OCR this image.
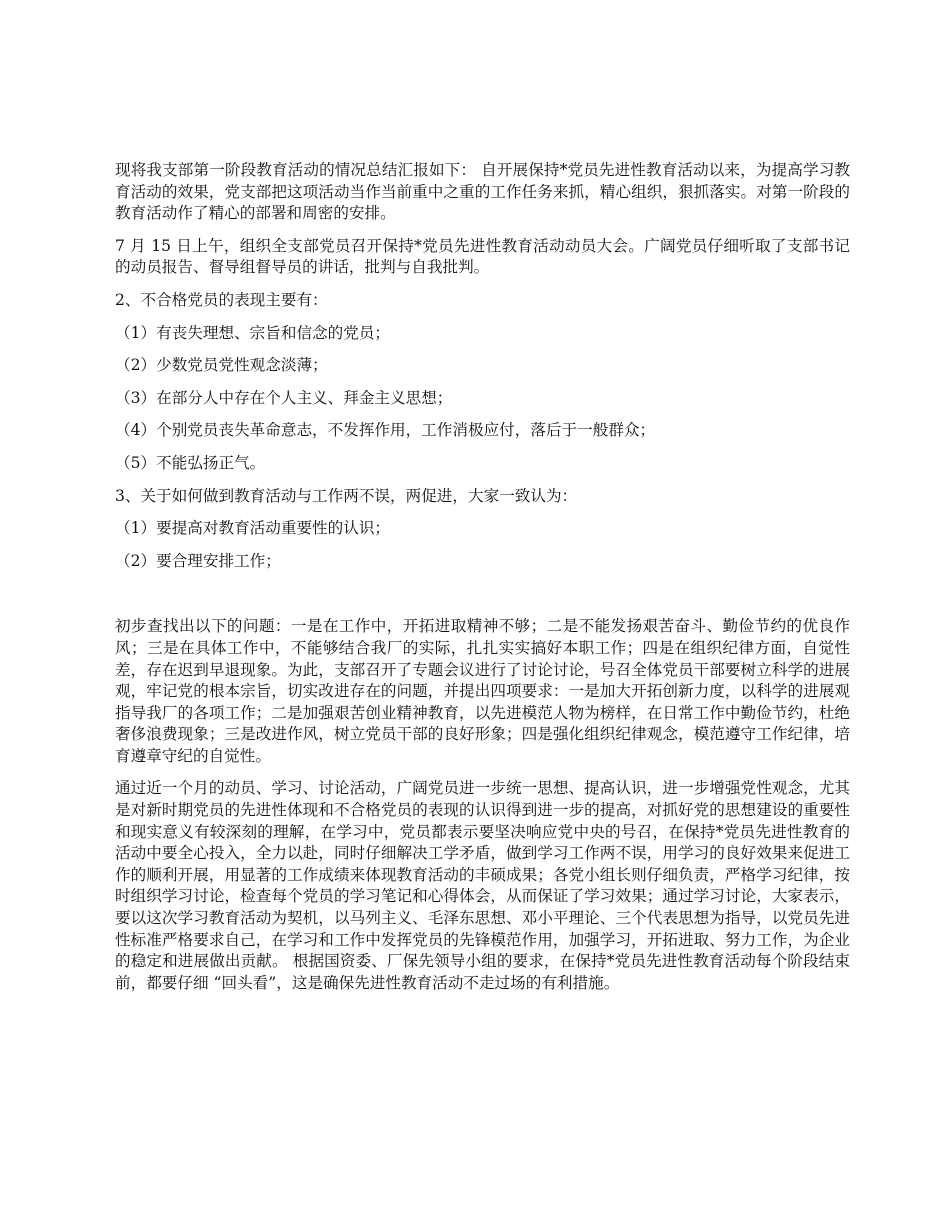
现将我支部第一阶段教育活动的情况总结汇报如下： 自开展保持*党员先进性教育活动以来，为提高学习教育活动的效果，党支部把这项活动当作当前重中之重的工作任务来抓，精心组织，狠抓落实。对第一阶段的教育活动作了精心的部署和周密的安排。

7 月 15 日上午，组织全支部党员召开保持*党员先进性教育活动动员大会。广阔党员仔细听取了支部书记的动员报告、督导组督导员的讲话，批判与自我批判。

2、不合格党员的表现主要有：

（1）有丧失理想、宗旨和信念的党员；

（2）少数党员党性观念淡薄；

（3）在部分人中存在个人主义、拜金主义思想；

（4）个别党员丧失革命意志，不发挥作用，工作消极应付，落后于一般群众；

（5）不能弘扬正气。

3、关于如何做到教育活动与工作两不误，两促进，大家一致认为：

（1）要提高对教育活动重要性的认识；

（2）要合理安排工作；

初步查找出以下的问题：一是在工作中，开拓进取精神不够；二是不能发扬艰苦奋斗、勤俭节约的优良作风；三是在具体工作中，不能够结合我厂的实际，扎扎实实搞好本职工作；四是在组织纪律方面，自觉性差，存在迟到早退现象。为此，支部召开了专题会议进行了讨论讨论，号召全体党员干部要树立科学的进展观，牢记党的根本宗旨，切实改进存在的问题，并提出四项要求：一是加大开拓创新力度，以科学的进展观指导我厂的各项工作；二是加强艰苦创业精神教育，以先进模范人物为榜样，在日常工作中勤俭节约，杜绝奢侈浪费现象；三是改进作风，树立党员干部的良好形象；四是强化组织纪律观念，模范遵守工作纪律，培育遵章守纪的自觉性。

通过近一个月的动员、学习、讨论活动，广阔党员进一步统一思想、提高认识，进一步增强党性观念，尤其是对新时期党员的先进性体现和不合格党员的表现的认识得到进一步的提高，对抓好党的思想建设的重要性和现实意义有较深刻的理解，在学习中，党员都表示要坚决响应党中央的号召，在保持*党员先进性教育的活动中要全心投入，全力以赴，同时仔细解决工学矛盾，做到学习工作两不误，用学习的良好效果来促进工作的顺利开展，用显著的工作成绩来体现教育活动的丰硕成果；各党小组长则仔细负责，严格学习纪律，按时组织学习讨论，检查每个党员的学习笔记和心得体会，从而保证了学习效果；通过学习讨论，大家表示，要以这次学习教育活动为契机，以马列主义、毛泽东思想、邓小平理论、三个代表思想为指导，以党员先进性标准严格要求自己，在学习和工作中发挥党员的先锋模范作用，加强学习，开拓进取、努力工作，为企业的稳定和进展做出贡献。 根据国资委、厂保先领导小组的要求，在保持*党员先进性教育活动每个阶段结束前，都要仔细 “回头看”，这是确保先进性教育活动不走过场的有利措施。
